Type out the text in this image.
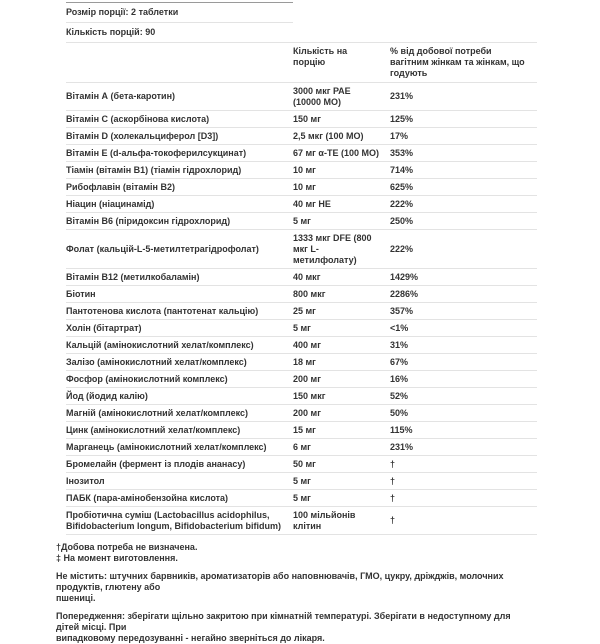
Розмір порції: 2 таблетки		
Кількість порцій: 90		
	Кількість на порцію	% від добової потреби вагітним жінкам та жінкам, що годують
Вітамін А (бета-каротин)	3000 мкг РАЕ (10000 МО)	231%
Вітамін C (аскорбінова кислота)	150 мг	125%
Вітамін D (холекальциферол [D3])	2,5 мкг (100 МО)	17%
Вітамін E (d-альфа-токоферилсукцинат)	67 мг α-ТЕ (100 МО)	353%
Тіамін (вітамін B1) (тіамін гідрохлорид)	10 мг	714%
Рибофлавін (вітамін B2)	10 мг	625%
Ніацин (ніацинамід)	40 мг НЕ	222%
Вітамін B6 (піридоксин гідрохлорид)	5 мг	250%
Фолат (кальцій-L-5-метилтетрагідрофолат)	1333 мкг DFE (800 мкг L-метилфолату)	222%
Вітамін B12 (метилкобаламін)	40 мкг	1429%
Біотин	800 мкг	2286%
Пантотенова кислота (пантотенат кальцію)	25 мг	357%
Холін (бітартрат)	5 мг	<1%
Кальцій (амінокислотний хелат/комплекс)	400 мг	31%
Залізо (амінокислотний хелат/комплекс)	18 мг	67%
Фосфор (амінокислотний комплекс)	200 мг	16%
Йод (йодид калію)	150 мкг	52%
Магній (амінокислотний хелат/комплекс)	200 мг	50%
Цинк (амінокислотний хелат/комплекс)	15 мг	115%
Марганець (амінокислотний хелат/комплекс)	6 мг	231%
Бромелайн (фермент із плодів ананасу)	50 мг	†
Інозитол	5 мг	†
ПАБК (пара-амінобензойна кислота)	5 мг	†
Пробіотична суміш (Lactobacillus acidophilus, Bifidobacterium longum, Bifidobacterium bifidum)	100 мільйонів клітин	†
†Добова потреба не визначена.
‡ На момент виготовлення.
Не містить: штучних барвників, ароматизаторів або наповнювачів, ГМО, цукру, дріжджів, молочних продуктів, глютену або
пшениці.
Попередження: зберігати щільно закритою при кімнатній температурі. Зберігати в недоступному для дітей місці. При
випадковому передозуванні - негайно зверніться до лікаря.
